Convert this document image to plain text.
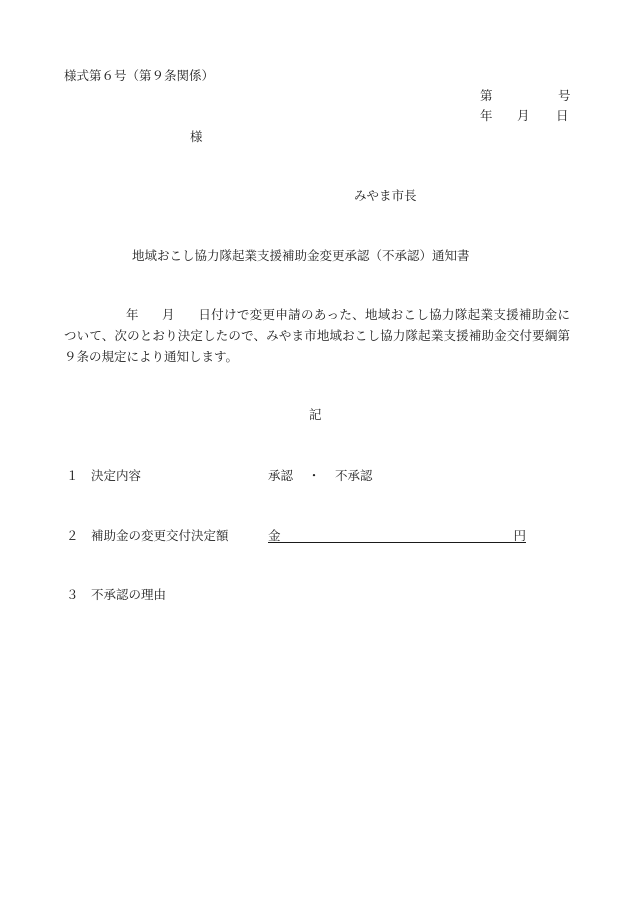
様式第６号（第９条関係）
第	号
年 月 日
様
みやま市長
地域おこし協力隊起業支援補助金変更承認（不承認）通知書
年 月 日付けで変更申請のあった、地域おこし協力隊起業支援補助金について、次のとおり決定したので、みやま市地域おこし協力隊起業支援補助金交付要綱第９条の規定により通知します。
記
１ 決定内容	承認 ・ 不承認
２ 補助金の変更交付決定額	金	円
３ 不承認の理由
